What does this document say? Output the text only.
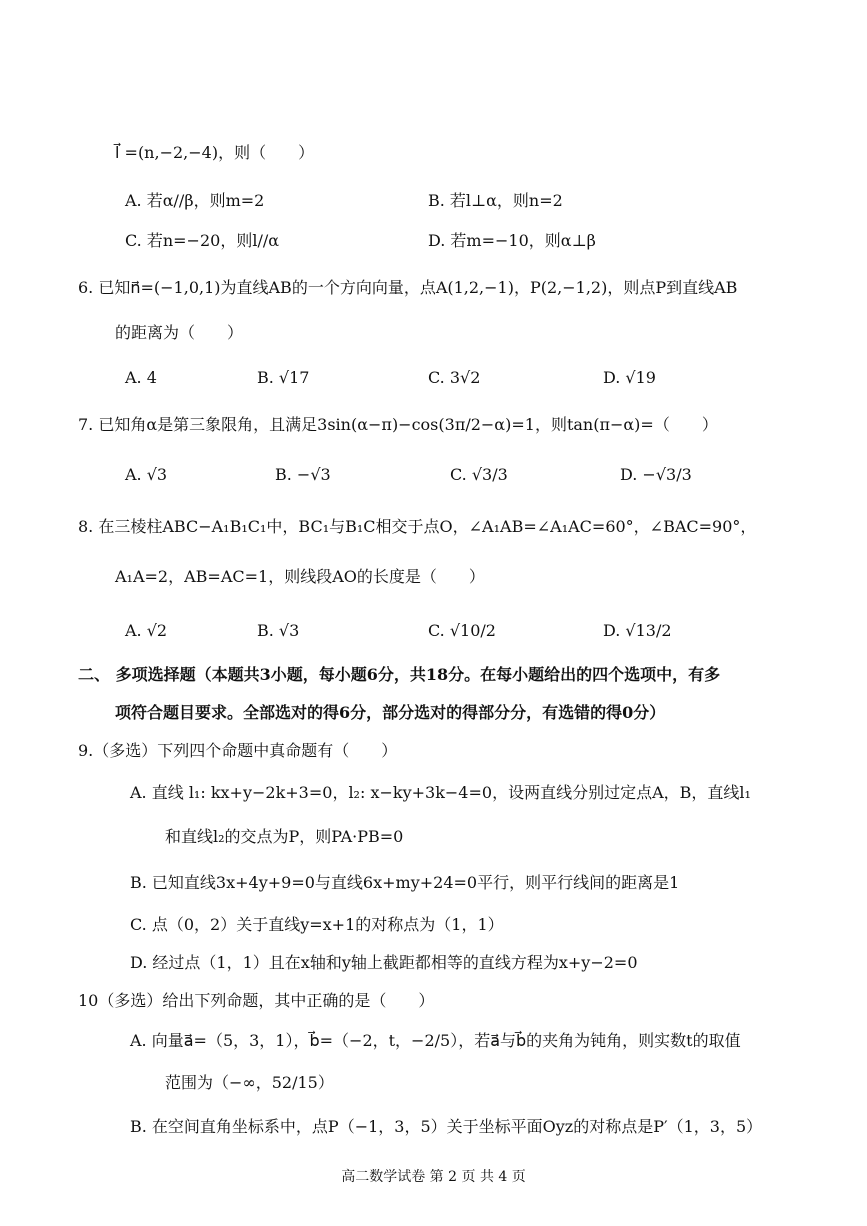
l⃗ =(n,−2,−4)，则（　　）
A. 若α//β，则m=2	B. 若l⊥α，则n=2
C. 若n=−20，则l//α	D. 若m=−10，则α⊥β
6. 已知n⃗=(−1,0,1)为直线AB的一个方向向量，点A(1,2,−1)，P(2,−1,2)，则点P到直线AB
的距离为（　　）
A. 4	B. √17	C. 3√2	D. √19
7. 已知角α是第三象限角，且满足3sin(α−π)−cos(3π/2−α)=1，则tan(π−α)=（　　）
A. √3	B. −√3	C. √3/3	D. −√3/3
8. 在三棱柱ABC−A₁B₁C₁中，BC₁与B₁C相交于点O，∠A₁AB=∠A₁AC=60°，∠BAC=90°，
A₁A=2，AB=AC=1，则线段AO的长度是（　　）
A. √2	B. √3	C. √10/2	D. √13/2
二、 多项选择题（本题共3小题，每小题6分，共18分。在每小题给出的四个选项中，有多
项符合题目要求。全部选对的得6分，部分选对的得部分分，有选错的得0分）
9.（多选）下列四个命题中真命题有（　　）
A. 直线 l₁: kx+y−2k+3=0，l₂: x−ky+3k−4=0，设两直线分别过定点A，B，直线l₁
和直线l₂的交点为P，则PA·PB=0
B. 已知直线3x+4y+9=0与直线6x+my+24=0平行，则平行线间的距离是1
C. 点（0，2）关于直线y=x+1的对称点为（1，1）
D. 经过点（1，1）且在x轴和y轴上截距都相等的直线方程为x+y−2=0
10（多选）给出下列命题，其中正确的是（　　）
A. 向量a⃗=（5，3，1），b⃗=（−2，t，−2/5），若a⃗与b⃗的夹角为钝角，则实数t的取值
范围为（−∞，52/15）
B. 在空间直角坐标系中，点P（−1，3，5）关于坐标平面Oyz的对称点是P′（1，3，5）
高二数学试卷 第 2 页 共 4 页
